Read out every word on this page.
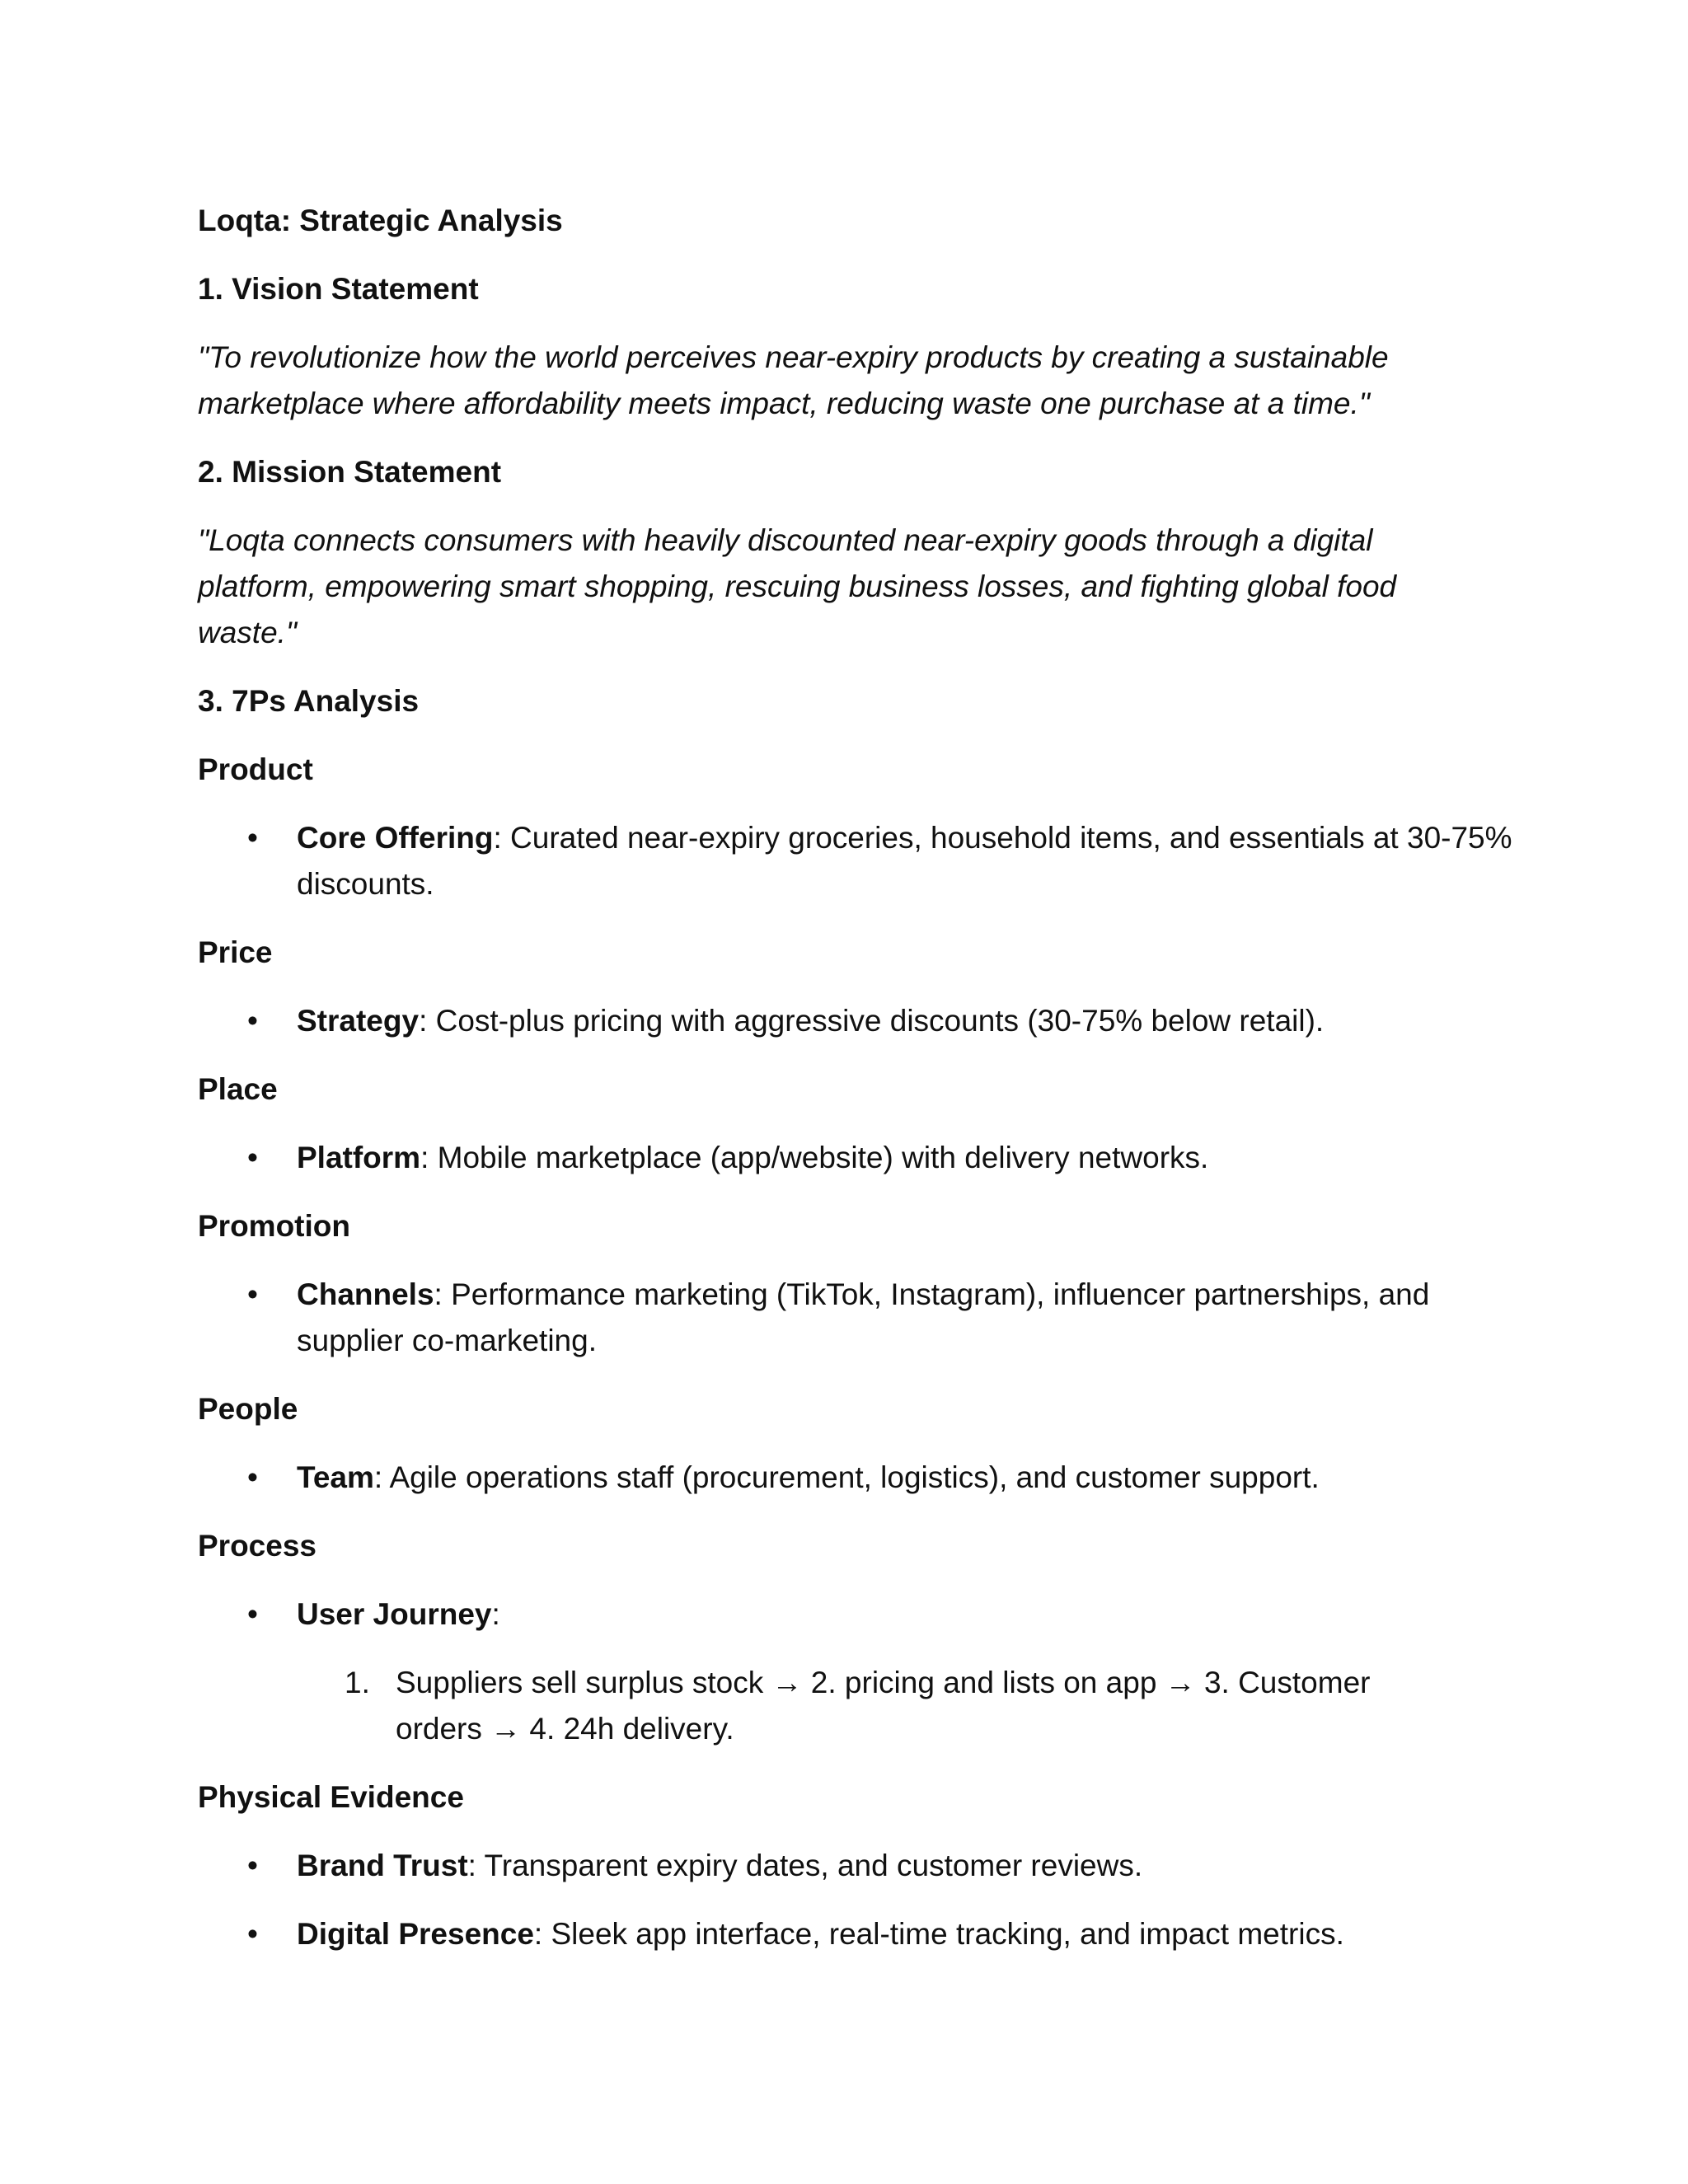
Loqta: Strategic Analysis
1. Vision Statement
"To revolutionize how the world perceives near-expiry products by creating a sustainable marketplace where affordability meets impact, reducing waste one purchase at a time."
2. Mission Statement
"Loqta connects consumers with heavily discounted near-expiry goods through a digital platform, empowering smart shopping, rescuing business losses, and fighting global food waste."
3. 7Ps Analysis
Product
• Core Offering: Curated near-expiry groceries, household items, and essentials at 30-75% discounts.
Price
• Strategy: Cost-plus pricing with aggressive discounts (30-75% below retail).
Place
• Platform: Mobile marketplace (app/website) with delivery networks.
Promotion
• Channels: Performance marketing (TikTok, Instagram), influencer partnerships, and supplier co-marketing.
People
• Team: Agile operations staff (procurement, logistics), and customer support.
Process
• User Journey:
1. Suppliers sell surplus stock → 2. pricing and lists on app → 3. Customer orders → 4. 24h delivery.
Physical Evidence
• Brand Trust: Transparent expiry dates, and customer reviews.
• Digital Presence: Sleek app interface, real-time tracking, and impact metrics.
